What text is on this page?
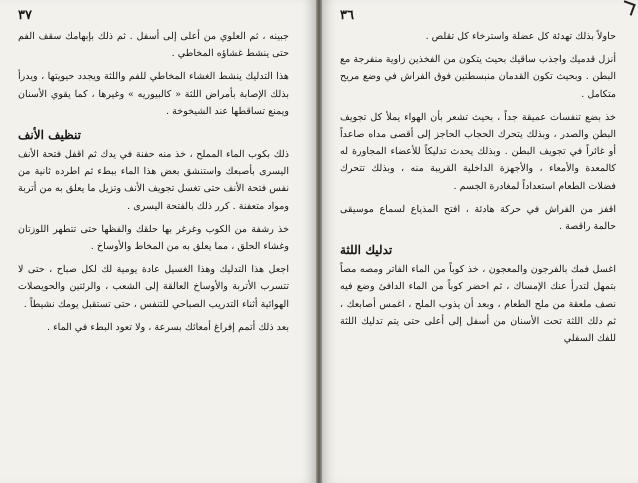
٣٧

جبينه ، ثم العلوي من أعلى إلى أسفل . ثم ذلك بإبهامك سقف الفم حتى ينشط غشاؤه المخاطي .

هذا التدليك ينشط الغشاء المخاطي للفم واللثة ويجدد حيويتها ، ويدرأ بذلك الإصابة بأمراض اللثة « كالبيوريه » وغيرها ، كما يقوي الأسنان ويمنع تساقطها عند الشيخوخة .

تنظيف الأنف

ذلك بكوب الماء المملح ، خذ منه حفنة في يدك ثم اقفل فتحة الأنف اليسرى بأصبعك واستنشق بعض هذا الماء ببطء ثم اطرده ثانية من نفس فتحة الأنف حتى تغسل تجويف الأنف وتزيل ما يعلق به من أتربة ومواد متعفنة . كرر ذلك بالفتحة اليسرى .

خذ رشفة من الكوب وغرغر بها حلقك والفظها حتى تتطهر اللوزتان وغشاء الحلق ، مما يعلق به من المخاط والأوساخ .

اجعل هذا التدليك وهذا الغسيل عادة يومية لك لكل صباح ، حتى لا تتسرب الأتربة والأوساخ العالقة إلى الشعب ، والرئتين والحويصلات الهوائية أثناء التدريب الصباحي للتنفس ، حتى تستقبل يومك نشيطاً .

بعد ذلك أتمم إفراغ أمعائك بسرعة ، ولا تعود البطء في الماء .

٣٦

حاولاً بذلك تهدئة كل عضلة واسترخاء كل تقلص .

أنزل قدميك واجذب ساقيك بحيث يتكون من الفخذين زاوية منفرجة مع البطن . وبحيث تكون القدمان منبسطتين فوق الفراش في وضع مريح متكامل .

خذ بضع تنفسات عميقة جداً ، بحيث تشعر بأن الهواء يملأ كل تجويف البطن والصدر ، وبذلك يتحرك الحجاب الحاجز إلى أقصى مداه صاعداً أو غائراً في تجويف البطن . وبذلك يحدث تدليكاً للأعضاء المجاورة له كالمعدة والأمعاء ، والأجهزة الداخلية القريبة منه ، وبذلك تتحرك فضلات الطعام استعداداً لمغادرة الجسم .

اقفز من الفراش في حركة هادئة ، افتح المذياع لسماع موسيقى حالمة راقصة .

تدليك اللثة

اغسل فمك بالفرجون والمعجون ، خذ كوباً من الماء الفاتر ومصه مصاً بتمهل لتدرأ عنك الإمساك ، ثم احضر كوباً من الماء الدافئ وضع فيه نصف ملعقة من ملح الطعام ، وبعد أن يذوب الملح ، اغمس أصابعك ، ثم دلك اللثة تحت الأسنان من أسفل إلى أعلى حتى يتم تدليك اللثة للفك السفلي
